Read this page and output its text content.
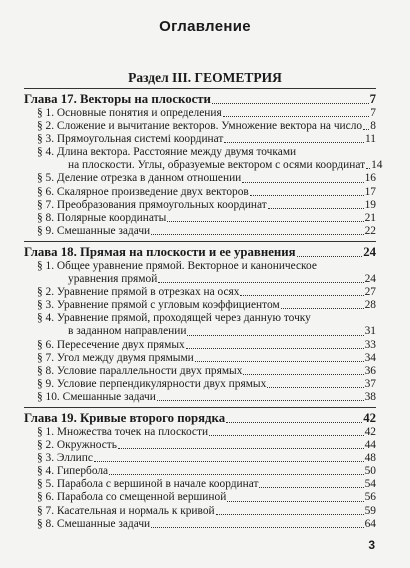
Оглавление
Раздел III. ГЕОМЕТРИЯ
Глава 17. Векторы на плоскости	7
§ 1. Основные понятия и определения	7
§ 2. Сложение и вычитание векторов. Умножение вектора на число 8
§ 3. Прямоугольная системі координат	11
§ 4. Длина вектора. Расстояние между двумя точками
на плоскости. Углы, образуемые вектором с осями координат 14
§ 5. Деление отрезка в данном отношении	16
§ 6. Скалярное произведение двух векторов	17
§ 7. Преобразования прямоугольных координат	19
§ 8. Полярные координаты	21
§ 9. Смешанные задачи	22
Глава 18. Прямая на плоскости и ее уравнения	24
§ 1. Общее уравнение прямой. Векторное и каноническое
уравнения прямой	24
§ 2. Уравнение прямой в отрезках на осях	27
§ 3. Уравнение прямой с угловым коэффициентом	28
§ 4. Уравнение прямой, проходящей через данную точку
в заданном направлении	31
§ 6. Пересечение двух прямых	33
§ 7. Угол между двумя прямыми	34
§ 8. Условие параллельности двух прямых	36
§ 9. Условие перпендикулярности двух прямых	37
§ 10. Смешанные задачи	38
Глава 19. Кривые второго порядка	42
§ 1. Множества точек на плоскости	42
§ 2. Окружность	44
§ 3. Эллипс	48
§ 4. Гипербола	50
§ 5. Парабола с вершиной в начале координат	54
§ 6. Парабола со смещенной вершиной	56
§ 7. Касательная и нормаль к кривой	59
§ 8. Смешанные задачи	64
3
